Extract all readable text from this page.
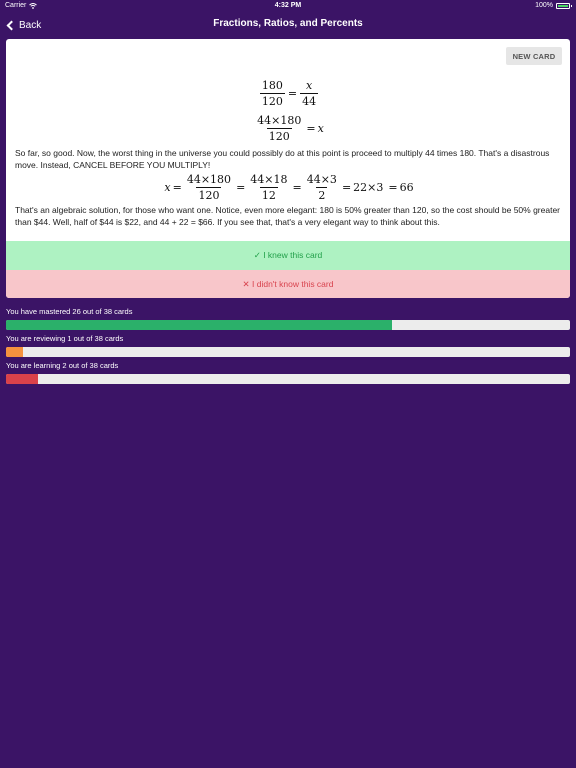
Carrier	4:32 PM	100%
Back	Fractions, Ratios, and Percents
NEW CARD
$\frac{180}{120} = \frac{x}{44}$
$\frac{44\times 180}{120} = x$
So far, so good. Now, the worst thing in the universe you could possibly do at this point is proceed to multiply 44 times 180. That's a disastrous move. Instead, CANCEL BEFORE YOU MULTIPLY!
$x = \frac{44\times 180}{120} = \frac{44\times 18}{12} = \frac{44\times 3}{2} = 22\times 3 = 66$
That's an algebraic solution, for those who want one. Notice, even more elegant: 180 is 50% greater than 120, so the cost should be 50% greater than $44. Well, half of $44 is $22, and 44 + 22 = $66. If you see that, that's a very elegant way to think about this.
✓ I knew this card
✕ I didn't know this card
You have mastered 26 out of 38 cards
You are reviewing 1 out of 38 cards
You are learning 2 out of 38 cards
